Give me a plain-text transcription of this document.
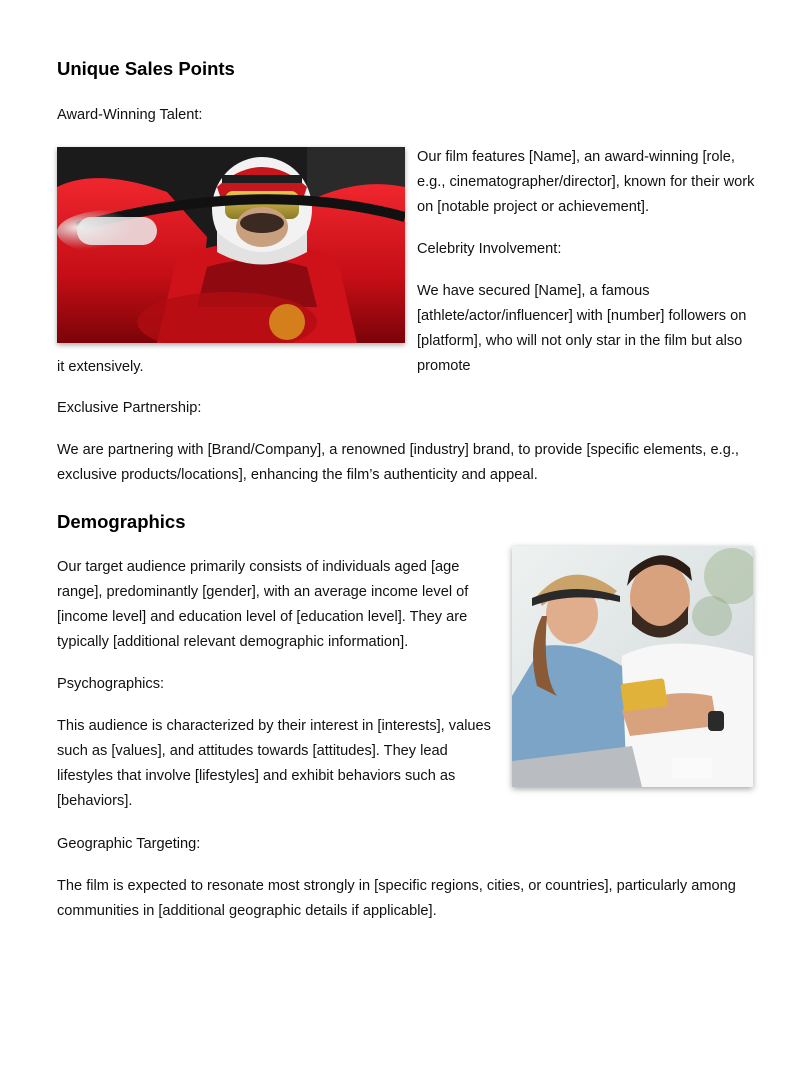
Unique Sales Points

Award-Winning Talent:

Our film features [Name], an award-winning [role, e.g., cinematographer/director], known for their work on [notable project or achievement].

Celebrity Involvement:

We have secured [Name], a famous [athlete/actor/influencer] with [number] followers on [platform], who will not only star in the film but also promote

it extensively.

Exclusive Partnership:

We are partnering with [Brand/Company], a renowned [industry] brand, to provide [specific elements, e.g., exclusive products/locations], enhancing the film’s authenticity and appeal.

Demographics

Our target audience primarily consists of individuals aged [age range], predominantly [gender], with an average income level of [income level] and education level of [education level]. They are typically [additional relevant demographic information].

Psychographics:

This audience is characterized by their interest in [interests], values such as [values], and attitudes towards [attitudes]. They lead lifestyles that involve [lifestyles] and exhibit behaviors such as [behaviors].

Geographic Targeting:

The film is expected to resonate most strongly in [specific regions, cities, or countries], particularly among communities in [additional geographic details if applicable].
